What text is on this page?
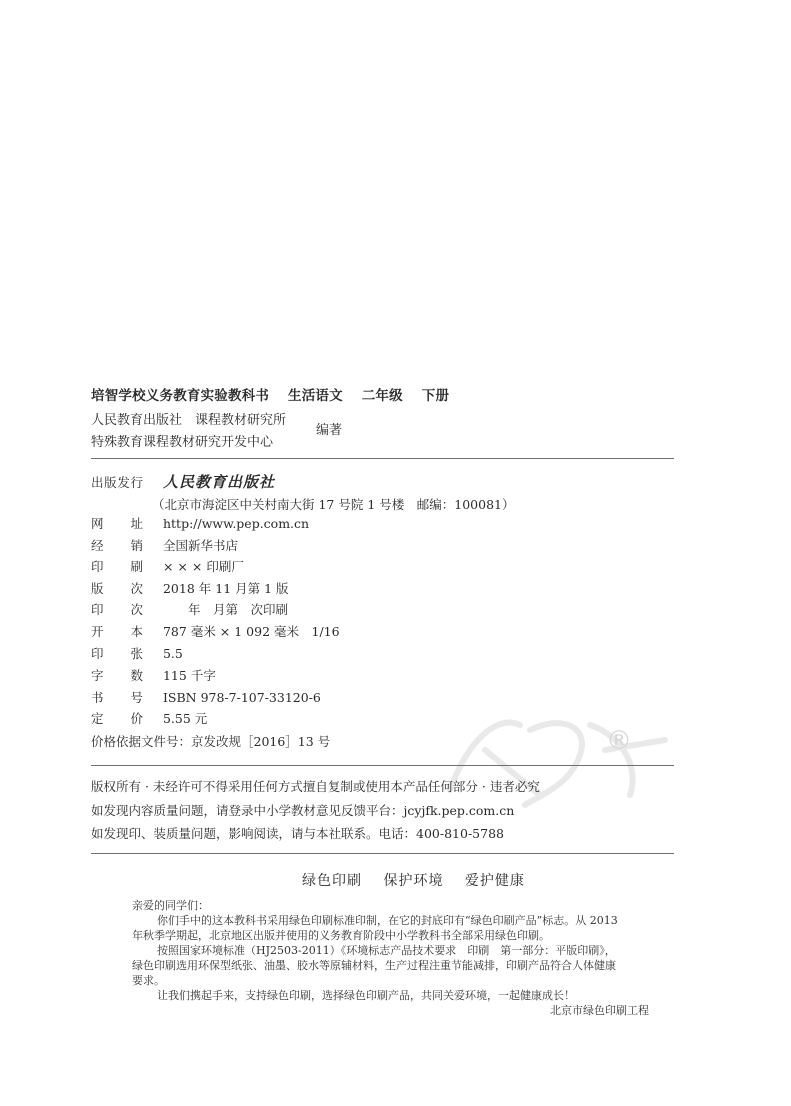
培智学校义务教育实验教科书 生活语文 二年级 下册
人民教育出版社　课程教材研究所
特殊教育课程教材研究开发中心
编著
出版发行 人民教育出版社
（北京市海淀区中关村南大街 17 号院 1 号楼　邮编：100081）
网　址 http://www.pep.com.cn
经　销 全国新华书店
印　刷 × × × 印刷厂
版　次 2018 年 11 月第 1 版
印　次 　　年　月第　次印刷
开　本 787 毫米 × 1 092 毫米　1/16
印　张 5.5
字　数 115 千字
书　号 ISBN 978-7-107-33120-6
定　价 5.55 元
价格依据文件号：京发改规［2016］13 号	®
版权所有 · 未经许可不得采用任何方式擅自复制或使用本产品任何部分 · 违者必究
如发现内容质量问题，请登录中小学教材意见反馈平台：jcyjfk.pep.com.cn
如发现印、装质量问题，影响阅读，请与本社联系。电话：400-810-5788
绿色印刷 保护环境 爱护健康
亲爱的同学们：
你们手中的这本教科书采用绿色印刷标准印制，在它的封底印有“绿色印刷产品”标志。从 2013
年秋季学期起，北京地区出版并使用的义务教育阶段中小学教科书全部采用绿色印刷。
按照国家环境标准（HJ2503-2011）《环境标志产品技术要求　印刷　第一部分：平版印刷》，
绿色印刷选用环保型纸张、油墨、胶水等原辅材料，生产过程注重节能减排，印刷产品符合人体健康
要求。
让我们携起手来，支持绿色印刷，选择绿色印刷产品，共同关爱环境，一起健康成长！
北京市绿色印刷工程
